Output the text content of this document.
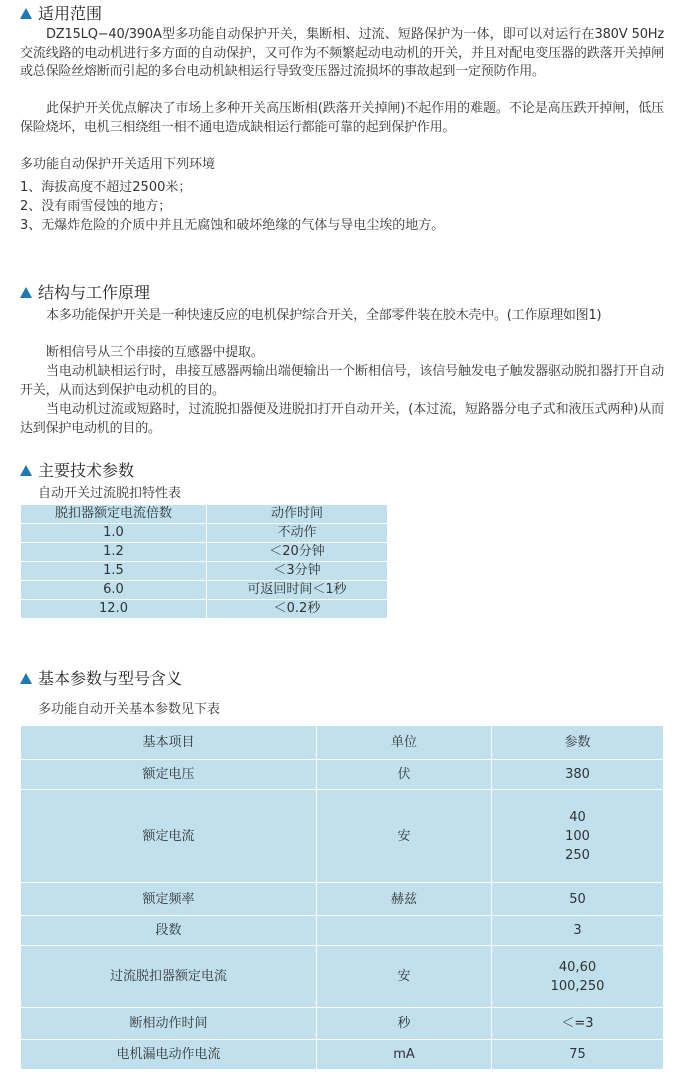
适用范围

DZ15LQ−40/390A型多功能自动保护开关，集断相、过流、短路保护为一体，即可以对运行在380V 50Hz交流线路的电动机进行多方面的自动保护，又可作为不频繁起动电动机的开关，并且对配电变压器的跌落开关掉闸或总保险丝熔断而引起的多台电动机缺相运行导致变压器过流损坏的事故起到一定预防作用。

此保护开关优点解决了市场上多种开关高压断相(跌落开关掉闸)不起作用的难题。不论是高压跌开掉闸，低压保险烧坏，电机三相绕组一相不通电造成缺相运行都能可靠的起到保护作用。

多功能自动保护开关适用下列环境

1、海拔高度不超过2500米；

2、没有雨雪侵蚀的地方；

3、无爆炸危险的介质中并且无腐蚀和破坏绝缘的气体与导电尘埃的地方。

结构与工作原理

本多功能保护开关是一种快速反应的电机保护综合开关，全部零件装在胶木壳中。(工作原理如图1)

断相信号从三个串接的互感器中提取。

当电动机缺相运行时，串接互感器两输出端便输出一个断相信号，该信号触发电子触发器驱动脱扣器打开自动开关，从而达到保护电动机的目的。

当电动机过流或短路时，过流脱扣器便及进脱扣打开自动开关，(本过流，短路器分电子式和液压式两种)从而达到保护电动机的目的。

主要技术参数
自动开关过流脱扣特性表
脱扣器额定电流倍数	动作时间
1.0	不动作
1.2	＜20分钟
1.5	＜3分钟
6.0	可返回时间＜1秒
12.0	＜0.2秒
基本参数与型号含义
多功能自动开关基本参数见下表
基本项目	单位	参数
额定电压	伏	380
额定电流	安	40
100
250
额定频率	赫兹	50
段数		3
过流脱扣器额定电流	安	40,60
100,250
断相动作时间	秒	＜=3
电机漏电动作电流	mA	75
